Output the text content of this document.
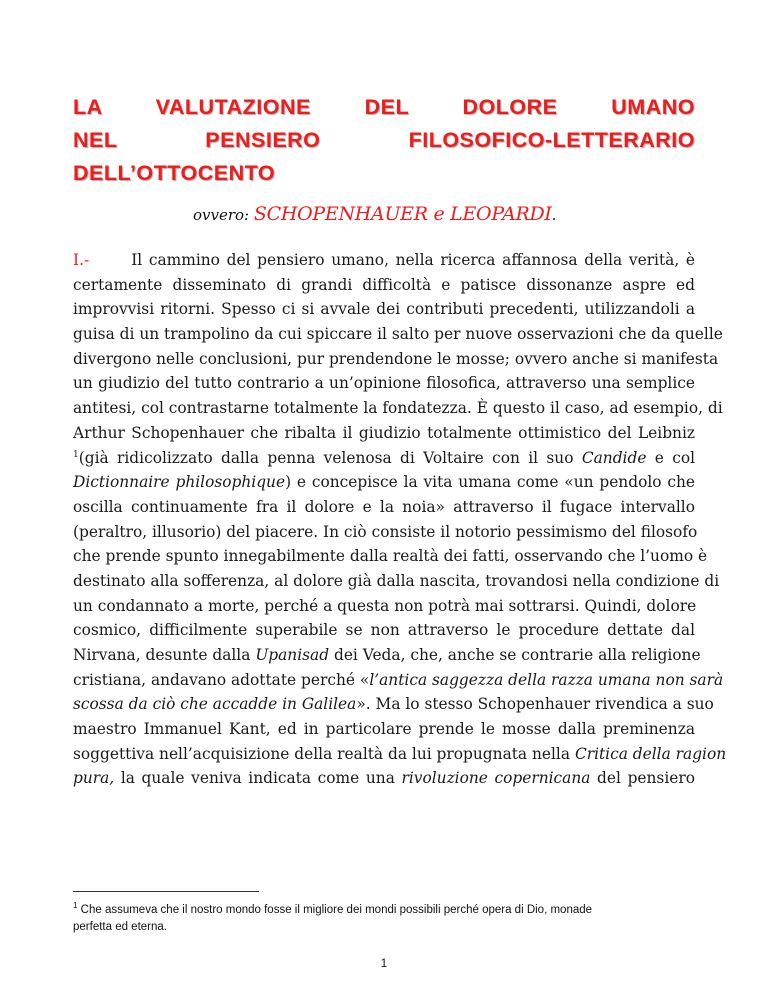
LA VALUTAZIONE DEL DOLORE UMANO
NEL PENSIERO FILOSOFICO-LETTERARIO
DELL’OTTOCENTO
ovvero: SCHOPENHAUER e LEOPARDI.
I.-	Il cammino del pensiero umano, nella ricerca affannosa della verità, è
certamente disseminato di grandi difficoltà e patisce dissonanze aspre ed
improvvisi ritorni. Spesso ci si avvale dei contributi precedenti, utilizzandoli a
guisa di un trampolino da cui spiccare il salto per nuove osservazioni che da quelle
divergono nelle conclusioni, pur prendendone le mosse; ovvero anche si manifesta
un giudizio del tutto contrario a un’opinione filosofica, attraverso una semplice
antitesi, col contrastarne totalmente la fondatezza. È questo il caso, ad esempio, di
Arthur Schopenhauer che ribalta il giudizio totalmente ottimistico del Leibniz
$^1$(già ridicolizzato dalla penna velenosa di Voltaire con il suo Candide e col
Dictionnaire philosophique) e concepisce la vita umana come «un pendolo che
oscilla continuamente fra il dolore e la noia» attraverso il fugace intervallo
(peraltro, illusorio) del piacere. In ciò consiste il notorio pessimismo del filosofo
che prende spunto innegabilmente dalla realtà dei fatti, osservando che l’uomo è
destinato alla sofferenza, al dolore già dalla nascita, trovandosi nella condizione di
un condannato a morte, perché a questa non potrà mai sottrarsi. Quindi, dolore
cosmico, difficilmente superabile se non attraverso le procedure dettate dal
Nirvana, desunte dalla Upanisad dei Veda, che, anche se contrarie alla religione
cristiana, andavano adottate perché «l’antica saggezza della razza umana non sarà
scossa da ciò che accadde in Galilea». Ma lo stesso Schopenhauer rivendica a suo
maestro Immanuel Kant, ed in particolare prende le mosse dalla preminenza
soggettiva nell’acquisizione della realtà da lui propugnata nella Critica della ragion
pura, la quale veniva indicata come una rivoluzione copernicana del pensiero
$^1$ Che assumeva che il nostro mondo fosse il migliore dei mondi possibili perché opera di Dio, monade perfetta ed eterna.
1
